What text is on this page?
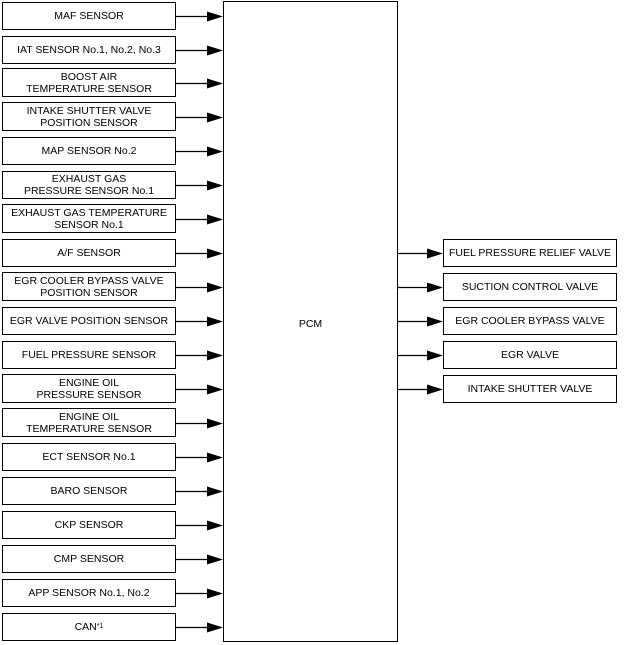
MAF SENSOR
IAT SENSOR No.1, No.2, No.3
BOOST AIR
TEMPERATURE SENSOR
INTAKE SHUTTER VALVE
POSITION SENSOR
MAP SENSOR No.2
EXHAUST GAS
PRESSURE SENSOR No.1
EXHAUST GAS TEMPERATURE
SENSOR No.1
A/F SENSOR
EGR COOLER BYPASS VALVE
POSITION SENSOR
EGR VALVE POSITION SENSOR
FUEL PRESSURE SENSOR
ENGINE OIL
PRESSURE SENSOR
ENGINE OIL
TEMPERATURE SENSOR
ECT SENSOR No.1
BARO SENSOR
CKP SENSOR
CMP SENSOR
APP SENSOR No.1, No.2
CAN *1
PCM
FUEL PRESSURE RELIEF VALVE
SUCTION CONTROL VALVE
EGR COOLER BYPASS VALVE
EGR VALVE
INTAKE SHUTTER VALVE
